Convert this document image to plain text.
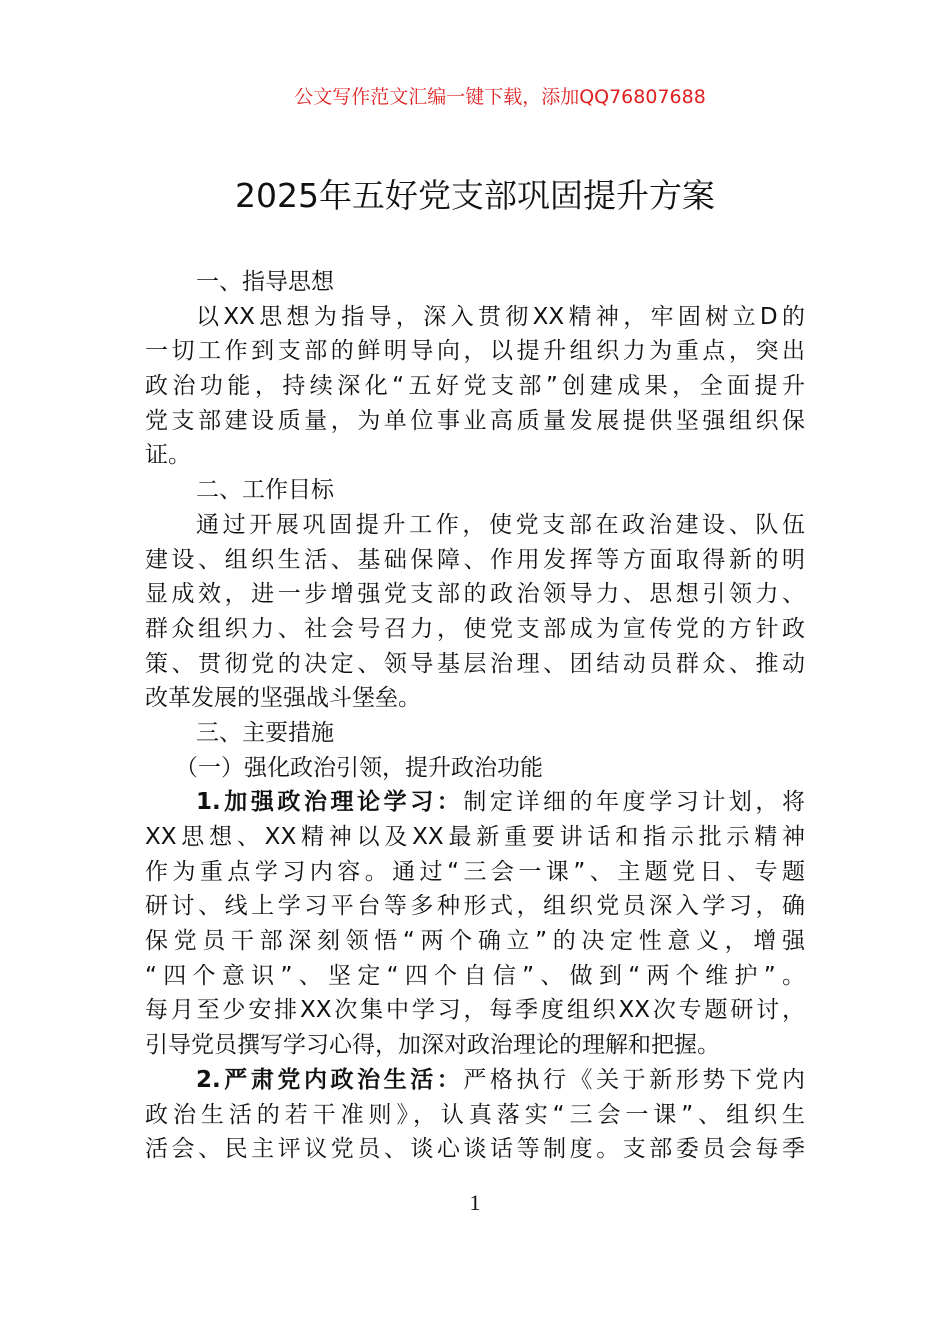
公文写作范文汇编一键下载，添加QQ76807688
2025年五好党支部巩固提升方案
一、指导思想
以XX思想为指导，深入贯彻XX精神，牢固树立D的
一切工作到支部的鲜明导向，以提升组织力为重点，突出
政治功能，持续深化“五好党支部”创建成果，全面提升
党支部建设质量，为单位事业高质量发展提供坚强组织保
证。
二、工作目标
通过开展巩固提升工作，使党支部在政治建设、队伍
建设、组织生活、基础保障、作用发挥等方面取得新的明
显成效，进一步增强党支部的政治领导力、思想引领力、
群众组织力、社会号召力，使党支部成为宣传党的方针政
策、贯彻党的决定、领导基层治理、团结动员群众、推动
改革发展的坚强战斗堡垒。
三、主要措施
（一）强化政治引领，提升政治功能
1.加强政治理论学习：制定详细的年度学习计划，将
XX思想、XX精神以及XX最新重要讲话和指示批示精神
作为重点学习内容。通过“三会一课”、主题党日、专题
研讨、线上学习平台等多种形式，组织党员深入学习，确
保党员干部深刻领悟“两个确立”的决定性意义，增强
“四个意识”、坚定“四个自信”、做到“两个维护”。
每月至少安排XX次集中学习，每季度组织XX次专题研讨，
引导党员撰写学习心得，加深对政治理论的理解和把握。
2.严肃党内政治生活：严格执行《关于新形势下党内
政治生活的若干准则》，认真落实“三会一课”、组织生
活会、民主评议党员、谈心谈话等制度。支部委员会每季
1
